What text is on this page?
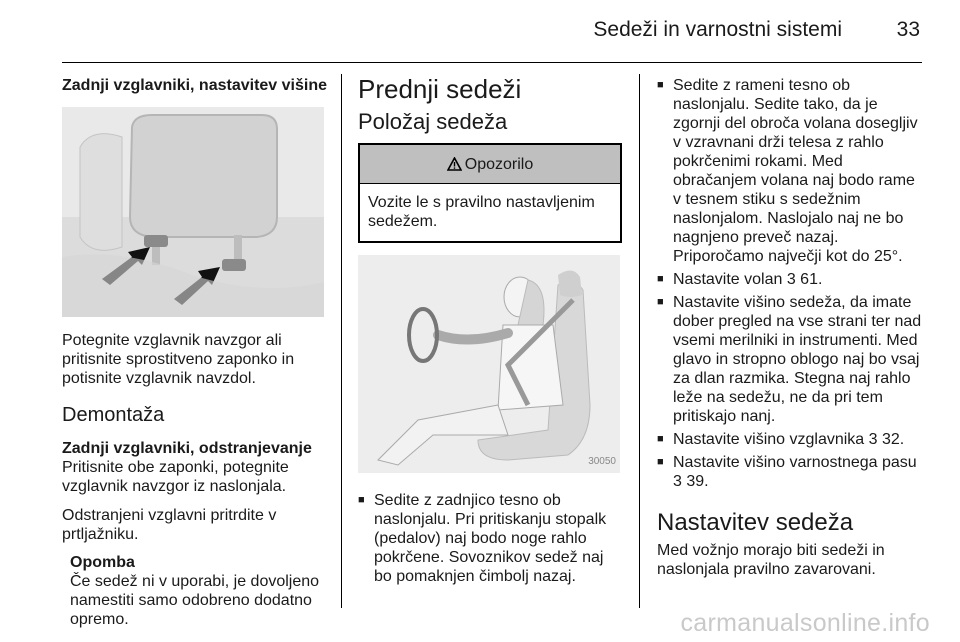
Sedeži in varnostni sistemi	33

Zadnji vzglavniki, nastavitev višine

Potegnite vzglavnik navzgor ali pritisnite sprostitveno zaponko in potisnite vzglavnik navzdol.

Demontaža

Zadnji vzglavniki, odstranjevanje

Pritisnite obe zaponki, potegnite vzglavnik navzgor iz naslonjala.

Odstranjeni vzglavni pritrdite v prtljažniku.

Opomba

Če sedež ni v uporabi, je dovoljeno namestiti samo odobreno dodatno opremo.

Prednji sedeži

Položaj sedeža

Opozorilo
Vozite le s pravilno nastavljenim sedežem.
30050
■ Sedite z zadnjico tesno ob naslonjalu. Pri pritiskanju stopalk (pedalov) naj bodo noge rahlo pokrčene. Sovoznikov sedež naj bo pomaknjen čimbolj nazaj.
■ Sedite z rameni tesno ob naslonjalu. Sedite tako, da je zgornji del obroča volana dosegljiv v vzravnani drži telesa z rahlo pokrčenimi rokami. Med obračanjem volana naj bodo rame v tesnem stiku s sedežnim naslonjalom. Naslojalo naj ne bo nagnjeno preveč nazaj. Priporočamo največji kot do 25°.
■ Nastavite volan 3 61.
■ Nastavite višino sedeža, da imate dober pregled na vse strani ter nad vsemi merilniki in instrumenti. Med glavo in stropno oblogo naj bo vsaj za dlan razmika. Stegna naj rahlo leže na sedežu, ne da pri tem pritiskajo nanj.
■ Nastavite višino vzglavnika 3 32.
■ Nastavite višino varnostnega pasu 3 39.

Nastavitev sedeža

Med vožnjo morajo biti sedeži in naslonjala pravilno zavarovani.

carmanualsonline.info
